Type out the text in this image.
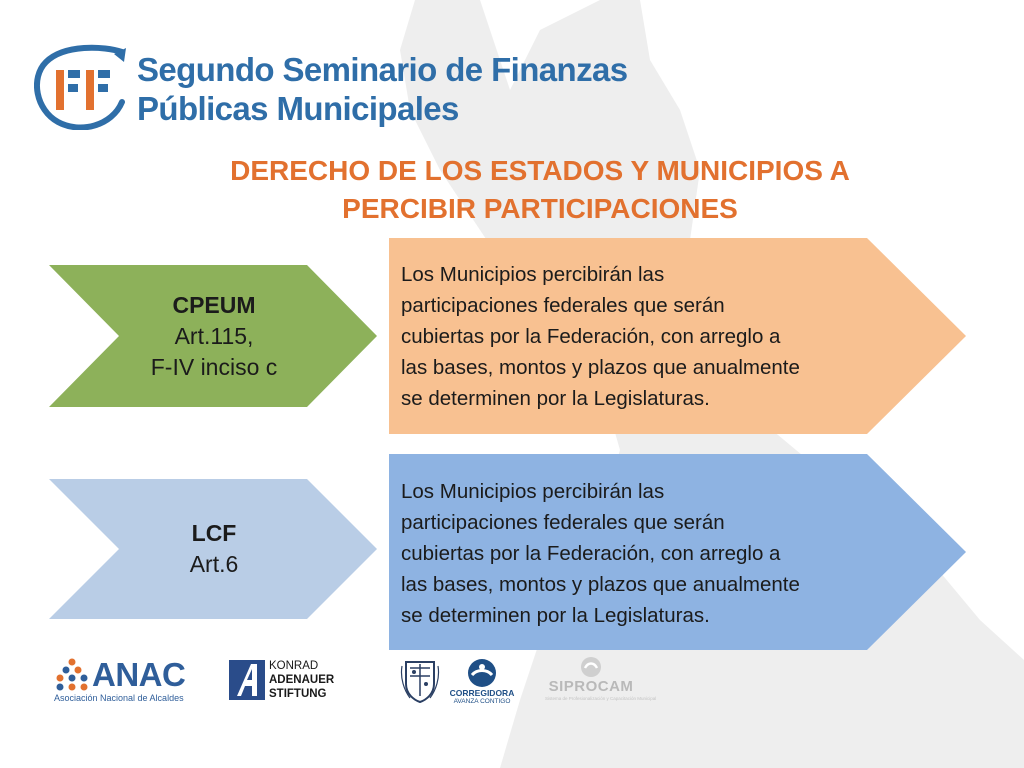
Segundo Seminario de Finanzas
Públicas Municipales
DERECHO DE LOS ESTADOS Y MUNICIPIOS A
PERCIBIR PARTICIPACIONES
CPEUM
Art.115,
F-IV inciso c
Los Municipios percibirán las
participaciones federales que serán
cubiertas por la Federación, con arreglo a
las bases, montos y plazos que anualmente
se determinen por la Legislaturas.
LCF
Art.6
Los Municipios percibirán las
participaciones federales que serán
cubiertas por la Federación, con arreglo a
las bases, montos y plazos que anualmente
se determinen por la Legislaturas.
ANAC
Asociación Nacional de Alcaldes
KONRAD
ADENAUER
STIFTUNG	CORREGIDORA
AVANZA CONTIGO
SIPROCAM
Sistema de Profesionalización y Capacitación Municipal
